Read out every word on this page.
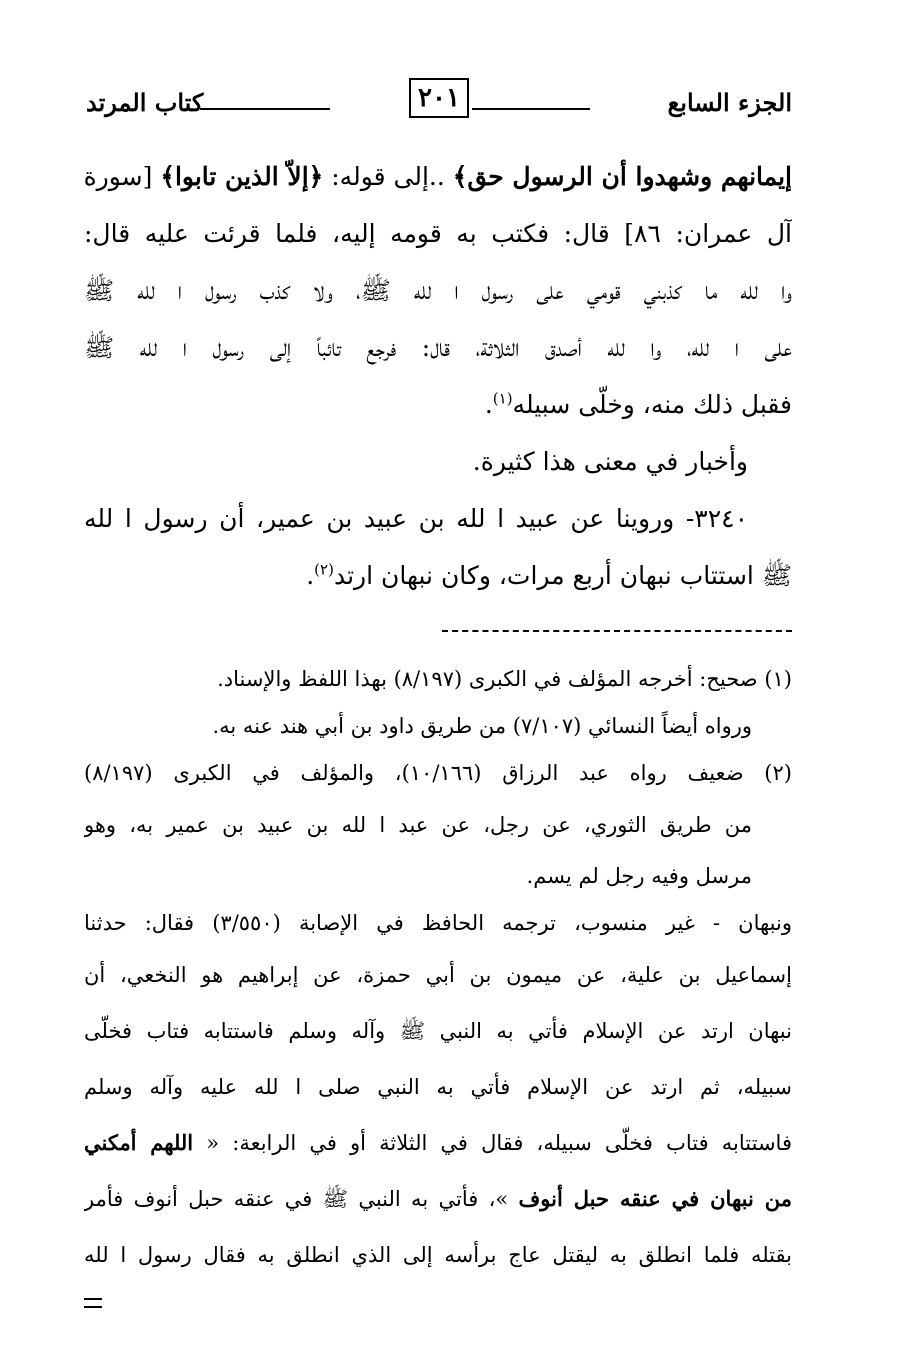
الجزء السابع
٢٠١
كتاب المرتد
إيمانهم وشهدوا أن الرسول حق﴾ ..إلى قوله: ﴿إلاّ الذين تابوا﴾ [سورة
آل عمران: ٨٦] قال: فكتب به قومه إليه، فلما قرئت عليه قال:
وا لله ما كذبني قومي على رسول ا لله ﷺ، ولا كذب رسول ا لله ﷺ
على ا لله، وا لله أصدق الثلاثة، قال: فرجع تائباً إلى رسول ا لله ﷺ
فقبل ذلك منه، وخلّى سبيله$^{(١)}$.
وأخبار في معنى هذا كثيرة.
٣٢٤٠- وروينا عن عبيد ا لله بن عبيد بن عمير، أن رسول ا لله
ﷺ استتاب نبهان أربع مرات، وكان نبهان ارتد$^{(٢)}$.
(١) صحيح: أخرجه المؤلف في الكبرى (٨/١٩٧) بهذا اللفظ والإسناد.
ورواه أيضاً النسائي (٧/١٠٧) من طريق داود بن أبي هند عنه به.
(٢) ضعيف رواه عبد الرزاق (١٠/١٦٦)، والمؤلف في الكبرى (٨/١٩٧)
من طريق الثوري، عن رجل، عن عبد ا لله بن عبيد بن عمير به، وهو
مرسل وفيه رجل لم يسم.
ونبهان - غير منسوب، ترجمه الحافظ في الإصابة (٣/٥٥٠) فقال: حدثنا
إسماعيل بن علية، عن ميمون بن أبي حمزة، عن إبراهيم هو النخعي، أن
نبهان ارتد عن الإسلام فأتي به النبي ﷺ وآله وسلم فاستتابه فتاب فخلّى
سبيله، ثم ارتد عن الإسلام فأتي به النبي صلى ا لله عليه وآله وسلم
فاستتابه فتاب فخلّى سبيله، فقال في الثلاثة أو في الرابعة: « اللهم أمكني
من نبهان في عنقه حبل أنوف »، فأتي به النبي ﷺ في عنقه حبل أنوف فأمر
بقتله فلما انطلق به ليقتل عاج برأسه إلى الذي انطلق به فقال رسول ا لله
